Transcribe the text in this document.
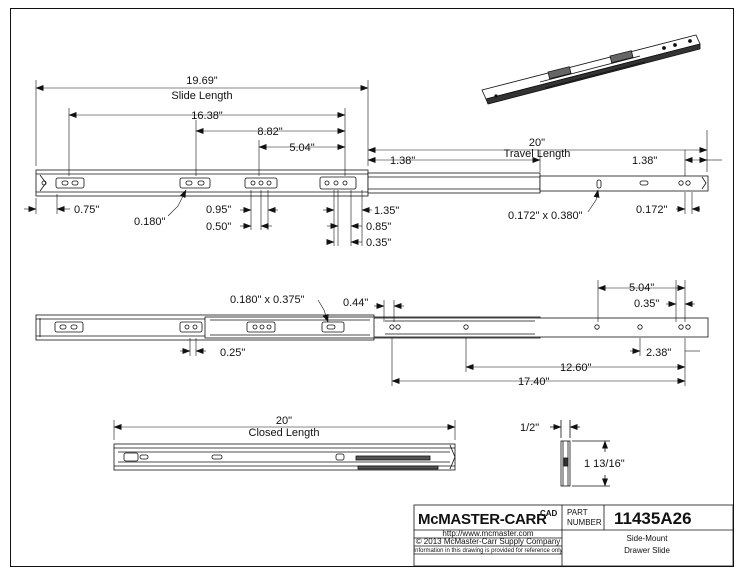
19.69"
Slide Length
16.38"
8.82"
5.04"
1.38"
20"
Travel Length
1.38"
0.75"
0.180"
0.95"
0.50"
1.35"
0.85"
0.35"
0.172" x 0.380"	0.172"
0.180" x 0.375"	0.44"
5.04"
0.35"
0.25"	2.38"
12.60"
17.40"
20"
Closed Length	1/2"
1 13/16"
McMASTER-CARR
CAD PART
NUMBER 11435A26
http://www.mcmaster.com
© 2013 McMaster-Carr Supply Company
Information in this drawing is provided for reference only
Side-Mount
Drawer Slide
